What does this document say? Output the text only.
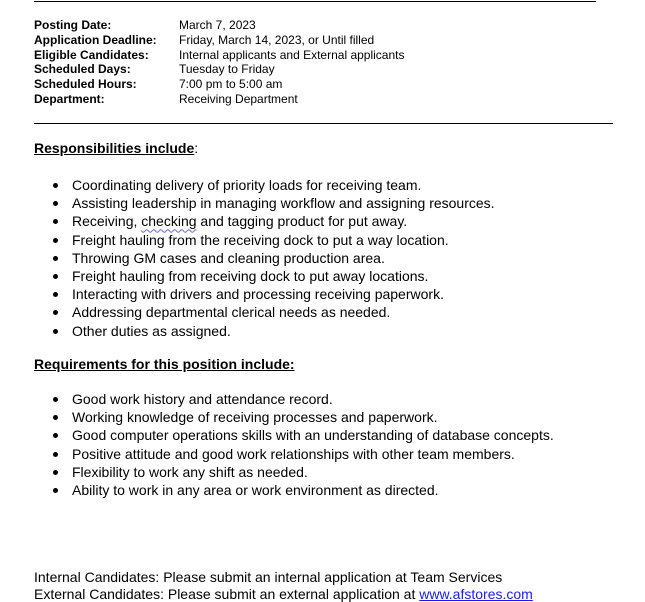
Posting Date:	March 7, 2023
Application Deadline:	Friday, March 14, 2023, or Until filled
Eligible Candidates:	Internal applicants and External applicants
Scheduled Days:	Tuesday to Friday
Scheduled Hours:	7:00 pm to 5:00 am
Department:	Receiving Department
Responsibilities include:
Coordinating delivery of priority loads for receiving team.
Assisting leadership in managing workflow and assigning resources.
Receiving, checking and tagging product for put away.
Freight hauling from the receiving dock to put a way location.
Throwing GM cases and cleaning production area.
Freight hauling from receiving dock to put away locations.
Interacting with drivers and processing receiving paperwork.
Addressing departmental clerical needs as needed.
Other duties as assigned.
Requirements for this position include:
Good work history and attendance record.
Working knowledge of receiving processes and paperwork.
Good computer operations skills with an understanding of database concepts.
Positive attitude and good work relationships with other team members.
Flexibility to work any shift as needed.
Ability to work in any area or work environment as directed.
Internal Candidates: Please submit an internal application at Team Services
External Candidates: Please submit an external application at www.afstores.com
